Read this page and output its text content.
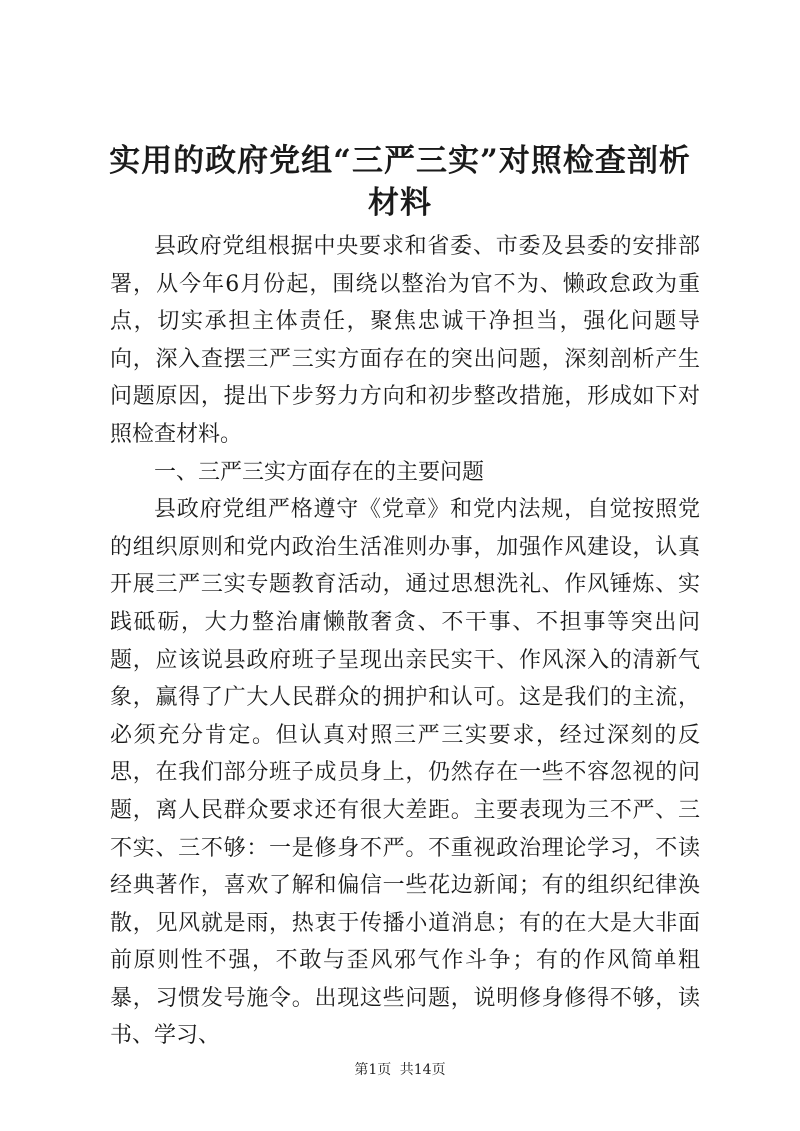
实用的政府党组“三严三实”对照检查剖析材料

县政府党组根据中央要求和省委、市委及县委的安排部署，从今年6月份起，围绕以整治为官不为、懒政怠政为重点，切实承担主体责任，聚焦忠诚干净担当，强化问题导向，深入查摆三严三实方面存在的突出问题，深刻剖析产生问题原因，提出下步努力方向和初步整改措施，形成如下对照检查材料。

一、三严三实方面存在的主要问题

县政府党组严格遵守《党章》和党内法规，自觉按照党的组织原则和党内政治生活准则办事，加强作风建设，认真开展三严三实专题教育活动，通过思想洗礼、作风锤炼、实践砥砺，大力整治庸懒散奢贪、不干事、不担事等突出问题，应该说县政府班子呈现出亲民实干、作风深入的清新气象，赢得了广大人民群众的拥护和认可。这是我们的主流，必须充分肯定。但认真对照三严三实要求，经过深刻的反思，在我们部分班子成员身上，仍然存在一些不容忽视的问题，离人民群众要求还有很大差距。主要表现为三不严、三不实、三不够：一是修身不严。不重视政治理论学习，不读经典著作，喜欢了解和偏信一些花边新闻；有的组织纪律涣散，见风就是雨，热衷于传播小道消息；有的在大是大非面前原则性不强，不敢与歪风邪气作斗争；有的作风简单粗暴，习惯发号施令。出现这些问题，说明修身修得不够，读书、学习、

第1页 共14页
